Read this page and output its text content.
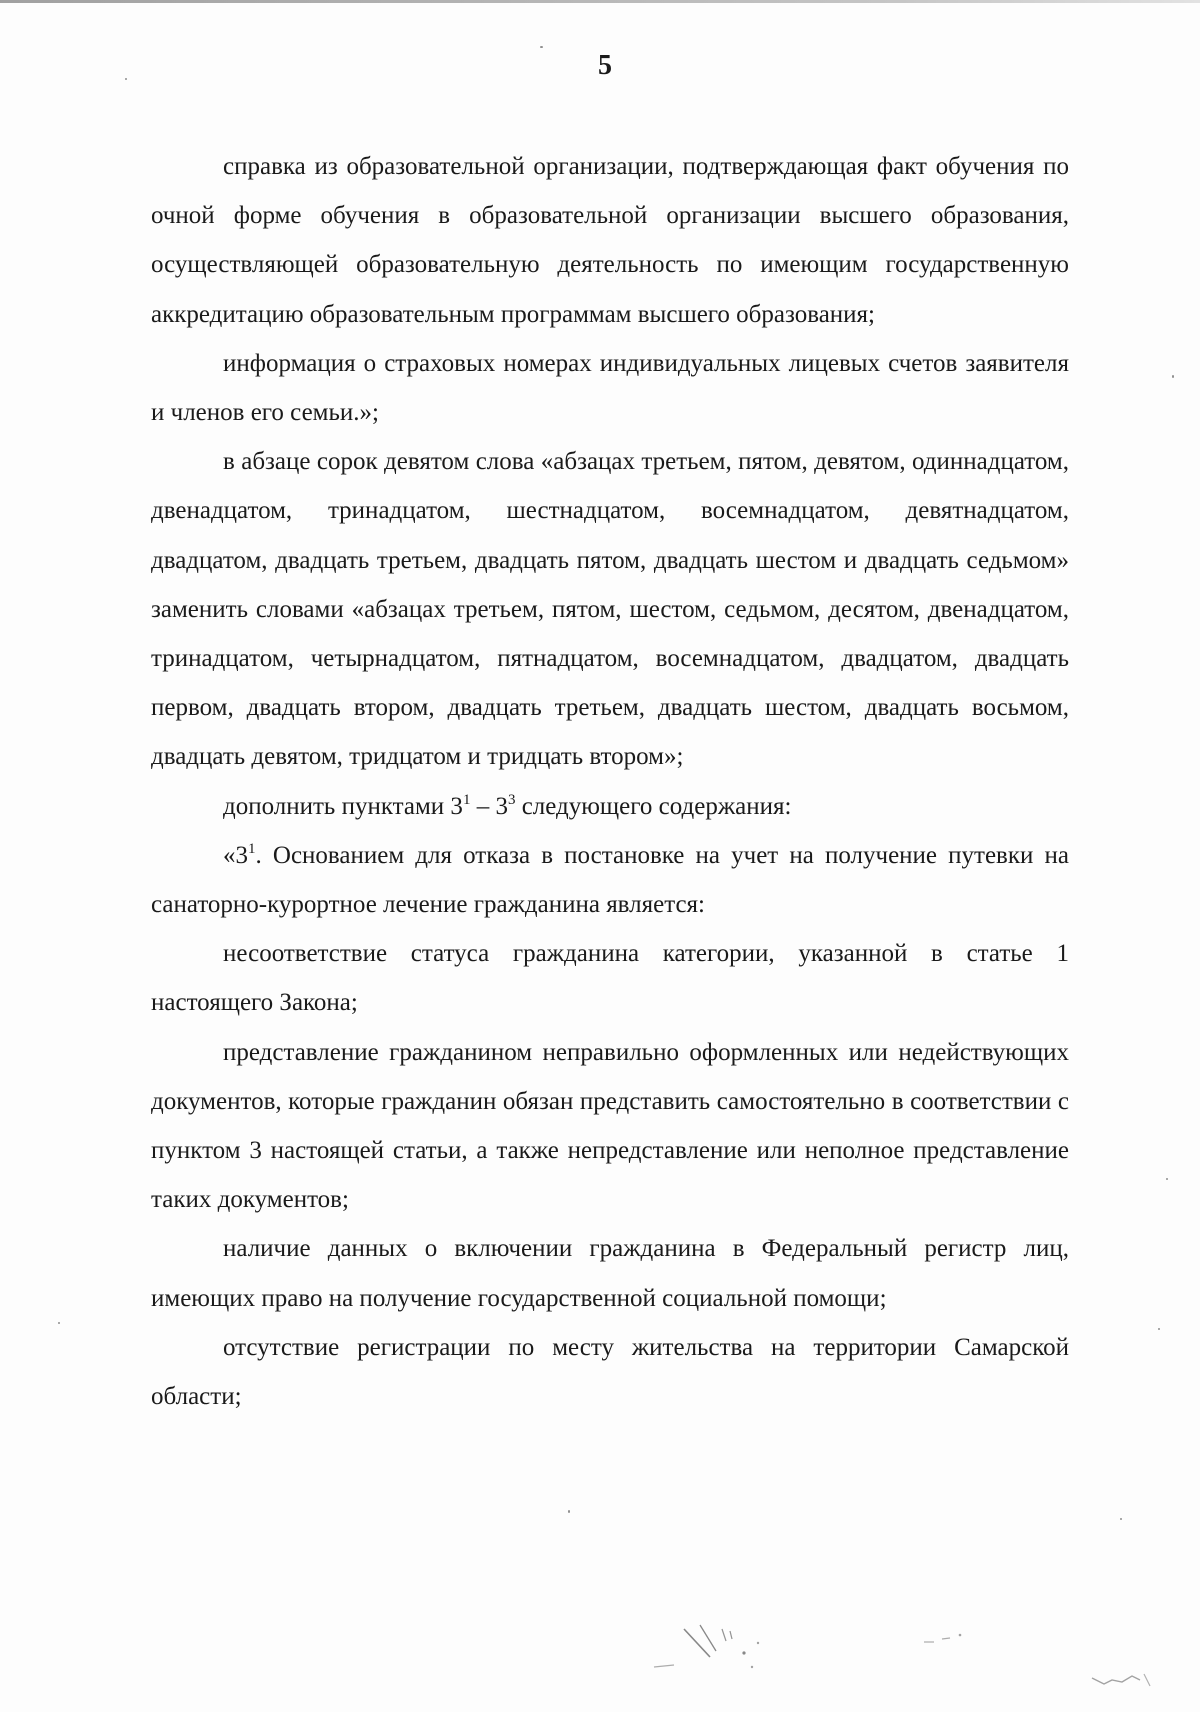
5

справка из образовательной организации, подтверждающая факт обучения по очной форме обучения в образовательной организации высшего образования, осуществляющей образовательную деятельность по имеющим государственную аккредитацию образовательным программам высшего образования;

информация о страховых номерах индивидуальных лицевых счетов заявителя и членов его семьи.»;

в абзаце сорок девятом слова «абзацах третьем, пятом, девятом, одиннадцатом, двенадцатом, тринадцатом, шестнадцатом, восемнадцатом, девятнадцатом, двадцатом, двадцать третьем, двадцать пятом, двадцать шестом и двадцать седьмом» заменить словами «абзацах третьем, пятом, шестом, седьмом, десятом, двенадцатом, тринадцатом, четырнадцатом, пятнадцатом, восемнадцатом, двадцатом, двадцать первом, двадцать втором, двадцать третьем, двадцать шестом, двадцать восьмом, двадцать девятом, тридцатом и тридцать втором»;

дополнить пунктами $3^1 - 3^3$ следующего содержания:

«$3^1$. Основанием для отказа в постановке на учет на получение путевки на санаторно-курортное лечение гражданина является:

несоответствие статуса гражданина категории, указанной в статье 1 настоящего Закона;

представление гражданином неправильно оформленных или недействующих документов, которые гражданин обязан представить самостоятельно в соответствии с пунктом 3 настоящей статьи, а также непредставление или неполное представление таких документов;

наличие данных о включении гражданина в Федеральный регистр лиц, имеющих право на получение государственной социальной помощи;

отсутствие регистрации по месту жительства на территории Самарской области;
